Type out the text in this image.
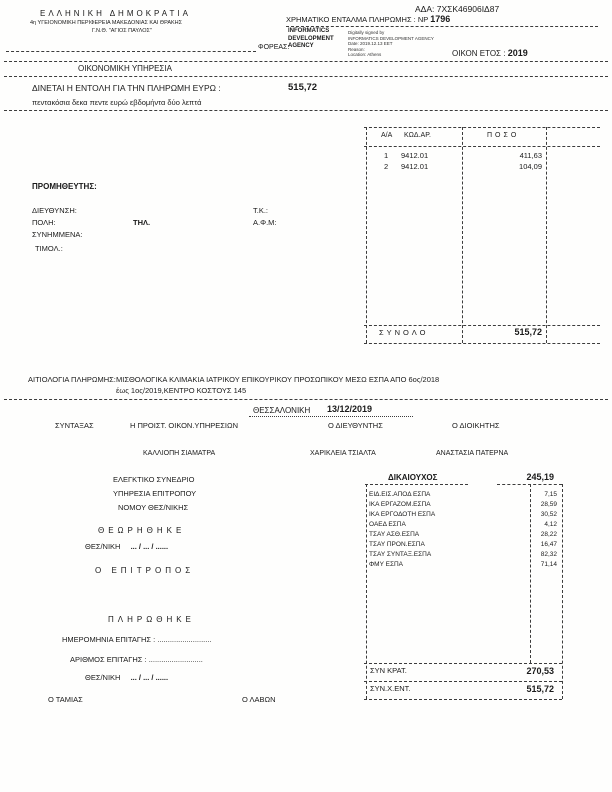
ΕΛΛΗΝΙΚΗ ΔΗΜΟΚΡΑΤΙΑ
4η ΥΓΕΙΟΝΟΜΙΚΗ ΠΕΡΙΦΕΡΕΙΑ ΜΑΚΕΔΟΝΙΑΣ ΚΑΙ ΘΡΑΚΗΣ
Γ.Ν.Θ. "ΑΓΙΟΣ ΠΑΥΛΟΣ"
ΑΔΑ: 7ΧΣΚ46906ΙΔ87
ΧΡΗΜΑΤΙΚΟ ΕΝΤΑΛΜΑ ΠΛΗΡΩΜΗΣ : ΝΡ 1796
INFORMATICS
DEVELOPMENT
AGENCY
Digitally signed by
INFORMATICS DEVELOPMENT AGENCY
Date: 2019.12.13 EET
Reason:
Location: Athens
ΦΟΡΕΑΣ:
ΟΙΚΟΝ ΕΤΟΣ : 2019
ΟΙΚΟΝΟΜΙΚΗ ΥΠΗΡΕΣΙΑ
ΔΙΝΕΤΑΙ Η ΕΝΤΟΛΗ ΓΙΑ ΤΗΝ ΠΛΗΡΩΜΗ ΕΥΡΩ :	515,72
πεντακόσια δεκα πεντε ευρώ εβδομήντα δύο λεπτά
Α/Α ΚΩΔ.ΑΡ.	ΠΟΣΟ
1 9412.01	411,63
2 9412.01	104,09
ΣΥΝΟΛΟ	515,72
ΠΡΟΜΗΘΕΥΤΗΣ:
ΔΙΕΥΘΥΝΣΗ:	Τ.Κ.:
ΠΟΛΗ:	ΤΗΛ.	Α.Φ.Μ:
ΣΥΝΗΜΜΕΝΑ:
ΤΙΜΟΛ.:
ΑΙΤΙΟΛΟΓΙΑ ΠΛΗΡΩΜΗΣ: ΜΙΣΘΟΛΟΓΙΚΑ ΚΛΙΜΑΚΙΑ ΙΑΤΡΙΚΟΥ ΕΠΙΚΟΥΡΙΚΟΥ ΠΡΟΣΩΠΙΚΟΥ ΜΕΣΩ ΕΣΠΑ ΑΠΟ 6ος/2018
έως 1ος/2019,ΚΕΝΤΡΟ ΚΟΣΤΟΥΣ 145
ΘΕΣΣΑΛΟΝΙΚΗ 13/12/2019
ΣΥΝΤΑΞΑΣ	Η ΠΡΟΙΣΤ. ΟΙΚΟΝ.ΥΠΗΡΕΣΙΩΝ	Ο ΔΙΕΥΘΥΝΤΗΣ	Ο ΔΙΟΙΚΗΤΗΣ
ΚΑΛΛΙΟΠΗ ΣΙΑΜΑΤΡΑ	ΧΑΡΙΚΛΕΙΑ ΤΣΙΑΛΤΑ	ΑΝΑΣΤΑΣΙΑ ΠΑΤΕΡΝΑ
ΕΛΕΓΚΤΙΚΟ ΣΥΝΕΔΡΙΟ
ΥΠΗΡΕΣΙΑ ΕΠΙΤΡΟΠΟΥ
ΝΟΜΟΥ ΘΕΣ/ΝΙΚΗΣ
ΘΕΩΡΗΘΗΚΕ
ΘΕΣ/ΝΙΚΗ ... / ... / ......
Ο ΕΠΙΤΡΟΠΟΣ
ΔΙΚΑΙΟΥΧΟΣ	245,19
ΕΙΔ.ΕΙΣ.ΑΠΟΔ ΕΣΠΑ	7,15
ΙΚΑ ΕΡΓΑΖΟΜ.ΕΣΠΑ	28,59
ΙΚΑ ΕΡΓΟΔΟΤΗ ΕΣΠΑ	30,52
ΟΑΕΔ ΕΣΠΑ	4,12
ΤΣΑΥ ΑΣΘ.ΕΣΠΑ	28,22
ΤΣΑΥ ΠΡΟΝ.ΕΣΠΑ	16,47
ΤΣΑΥ ΣΥΝΤΑΞ.ΕΣΠΑ	82,32
ΦΜΥ ΕΣΠΑ	71,14
ΣΥΝ ΚΡΑΤ.	270,53
ΣΥΝ.Χ.ΕΝΤ.	515,72
ΠΛΗΡΩΘΗΚΕ
ΗΜΕΡΟΜΗΝΙΑ ΕΠΙΤΑΓΗΣ : ..........................
ΑΡΙΘΜΟΣ ΕΠΙΤΑΓΗΣ : ..........................
ΘΕΣ/ΝΙΚΗ ... / ... / ......
Ο ΤΑΜΙΑΣ	Ο ΛΑΒΩΝ
